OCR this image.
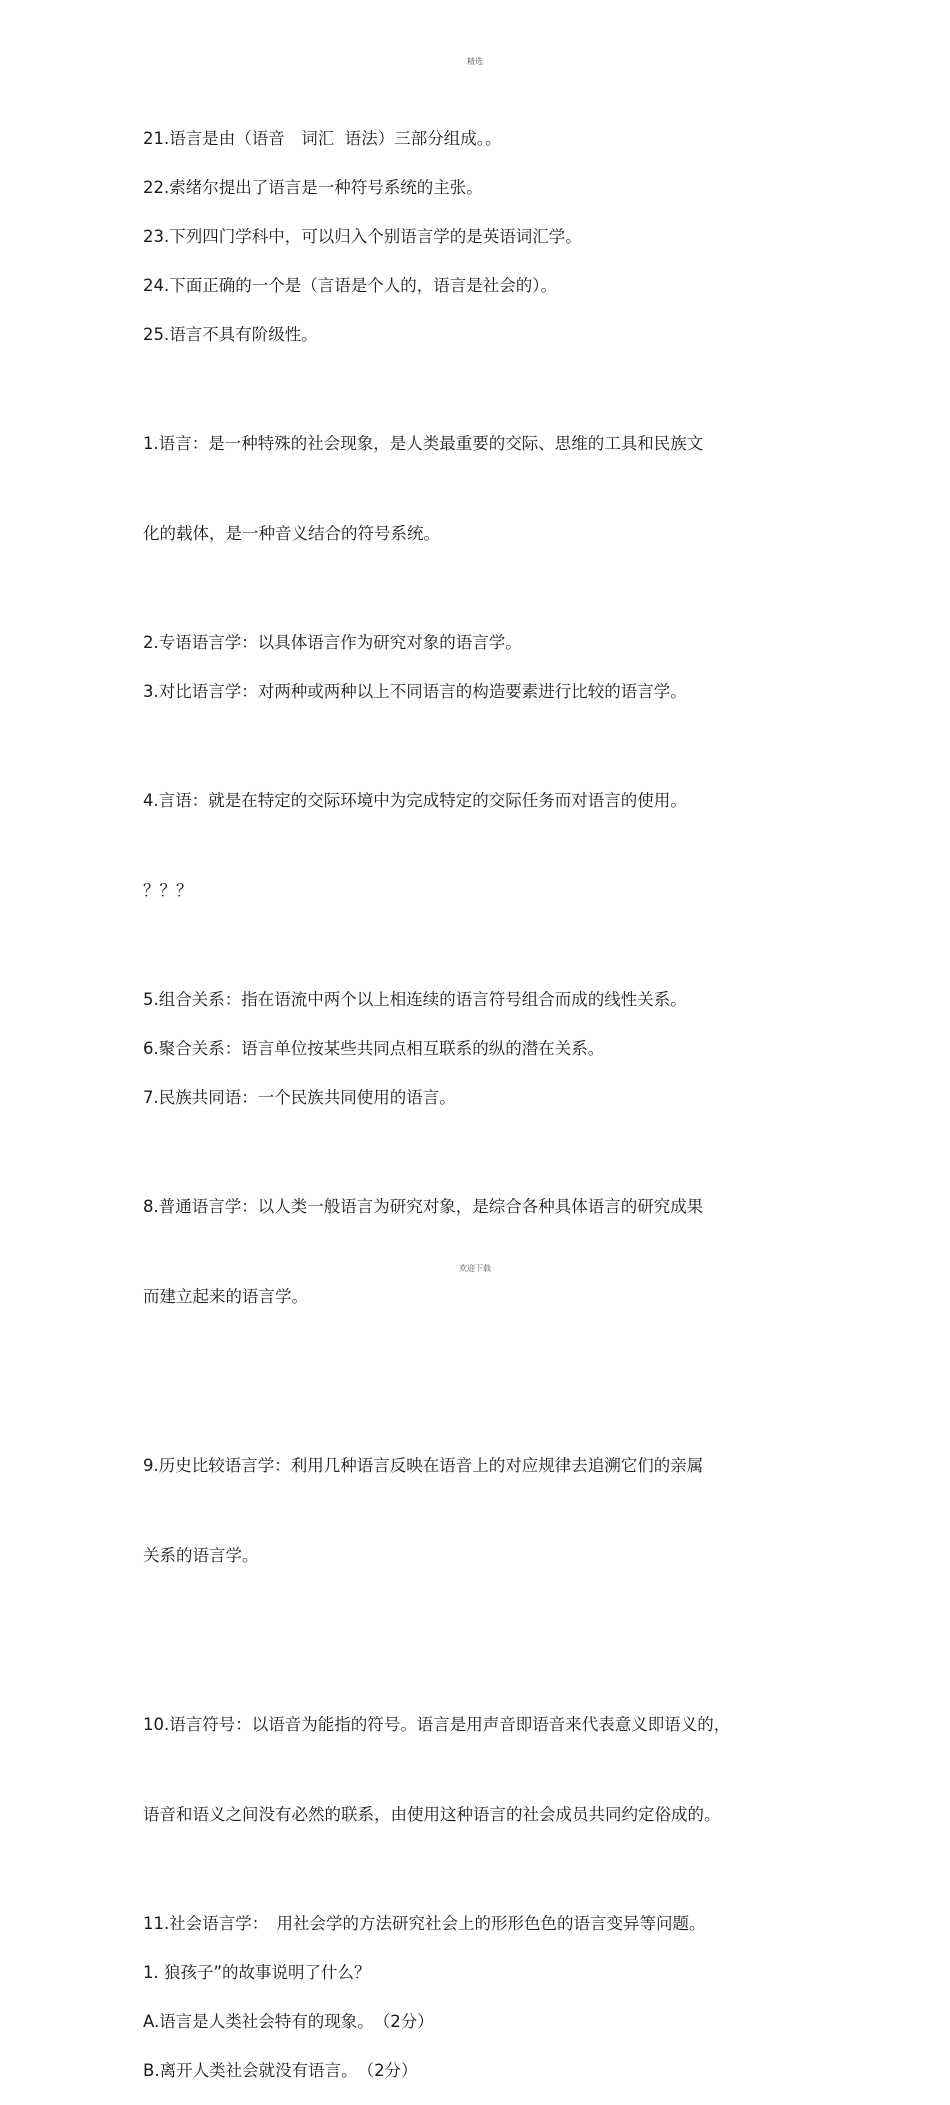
精选
21.语言是由（语音　词汇  语法）三部分组成。。
22.索绪尔提出了语言是一种符号系统的主张。
23.下列四门学科中，可以归入个别语言学的是英语词汇学。
24.下面正确的一个是（言语是个人的，语言是社会的）。
25.语言不具有阶级性。

1.语言：是一种特殊的社会现象，是人类最重要的交际、思维的工具和民族文

化的载体，是一种音义结合的符号系统。

2.专语语言学：以具体语言作为研究对象的语言学。
3.对比语言学：对两种或两种以上不同语言的构造要素进行比较的语言学。

4.言语：就是在特定的交际环境中为完成特定的交际任务而对语言的使用。

？？？

5.组合关系：指在语流中两个以上相连续的语言符号组合而成的线性关系。
6.聚合关系：语言单位按某些共同点相互联系的纵的潜在关系。
7.民族共同语：一个民族共同使用的语言。

8.普通语言学：以人类一般语言为研究对象，是综合各种具体语言的研究成果

而建立起来的语言学。

9.历史比较语言学：利用几种语言反映在语音上的对应规律去追溯它们的亲属

关系的语言学。

10.语言符号：以语音为能指的符号。语言是用声音即语音来代表意义即语义的，

语音和语义之间没有必然的联系，由使用这种语言的社会成员共同约定俗成的。

11.社会语言学：　用社会学的方法研究社会上的形形色色的语言变异等问题。
1. 狼孩子”的故事说明了什么？
A.语言是人类社会特有的现象。　（2分）
B.离开人类社会就没有语言。　（2分）
欢迎下载
